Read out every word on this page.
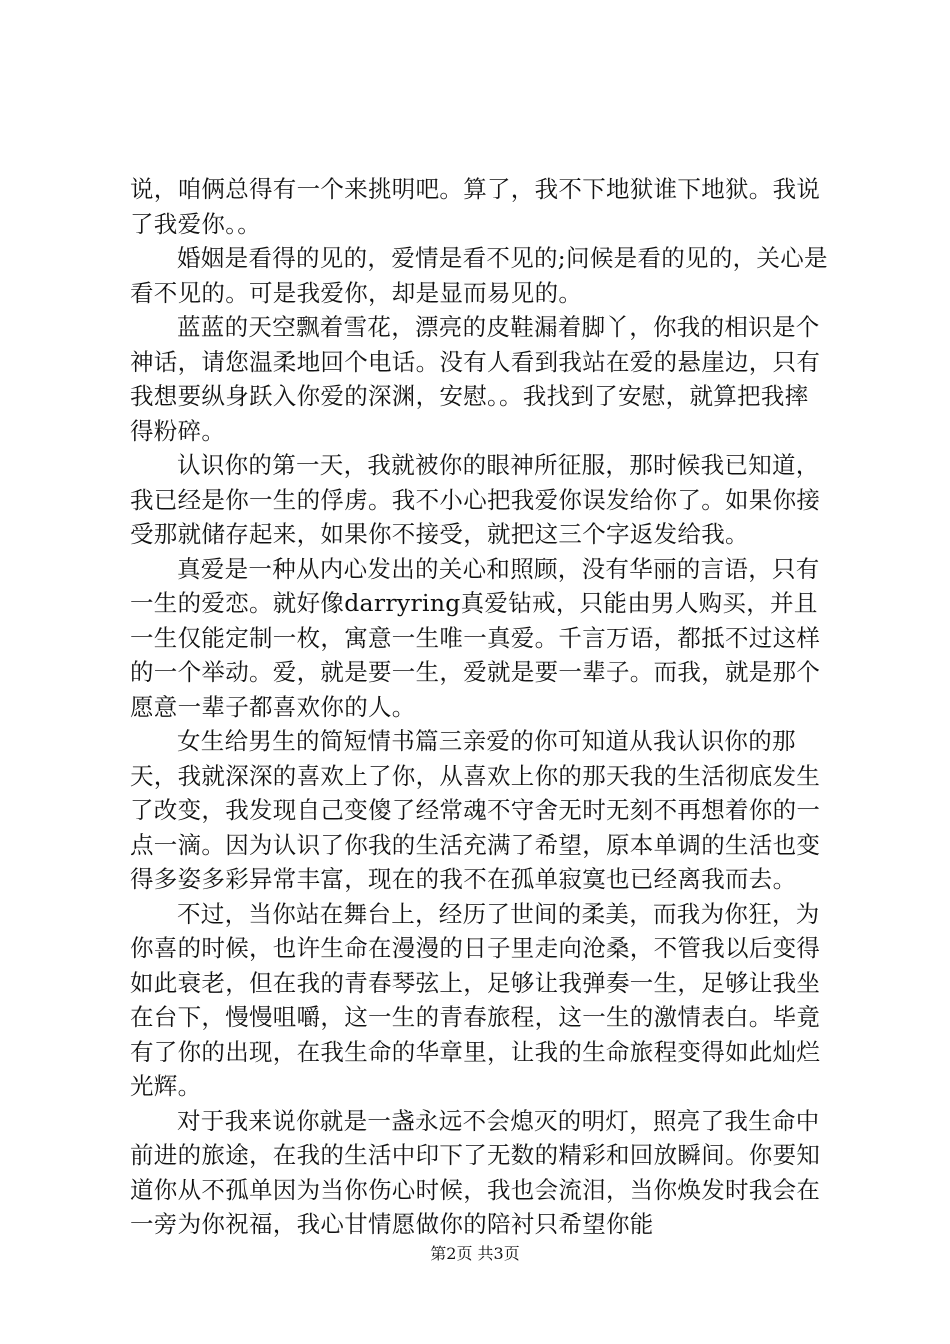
说，咱俩总得有一个来挑明吧。算了，我不下地狱谁下地狱。我说了我爱你。。

婚姻是看得的见的，爱情是看不见的;问候是看的见的，关心是看不见的。可是我爱你，却是显而易见的。

蓝蓝的天空飘着雪花，漂亮的皮鞋漏着脚丫，你我的相识是个神话，请您温柔地回个电话。没有人看到我站在爱的悬崖边，只有我想要纵身跃入你爱的深渊，安慰。。我找到了安慰，就算把我摔得粉碎。

认识你的第一天，我就被你的眼神所征服，那时候我已知道，我已经是你一生的俘虏。我不小心把我爱你误发给你了。如果你接受那就储存起来，如果你不接受，就把这三个字返发给我。

真爱是一种从内心发出的关心和照顾，没有华丽的言语，只有一生的爱恋。就好像darryring真爱钻戒，只能由男人购买，并且一生仅能定制一枚，寓意一生唯一真爱。千言万语，都抵不过这样的一个举动。爱，就是要一生，爱就是要一辈子。而我，就是那个愿意一辈子都喜欢你的人。

女生给男生的简短情书篇三亲爱的你可知道从我认识你的那天，我就深深的喜欢上了你，从喜欢上你的那天我的生活彻底发生了改变，我发现自己变傻了经常魂不守舍无时无刻不再想着你的一点一滴。因为认识了你我的生活充满了希望，原本单调的生活也变得多姿多彩异常丰富，现在的我不在孤单寂寞也已经离我而去。

不过，当你站在舞台上，经历了世间的柔美，而我为你狂，为你喜的时候，也许生命在漫漫的日子里走向沧桑，不管我以后变得如此衰老，但在我的青春琴弦上，足够让我弹奏一生，足够让我坐在台下，慢慢咀嚼，这一生的青春旅程，这一生的激情表白。毕竟有了你的出现，在我生命的华章里，让我的生命旅程变得如此灿烂光辉。

对于我来说你就是一盏永远不会熄灭的明灯，照亮了我生命中前进的旅途，在我的生活中印下了无数的精彩和回放瞬间。你要知道你从不孤单因为当你伤心时候，我也会流泪，当你焕发时我会在一旁为你祝福，我心甘情愿做你的陪衬只希望你能

第2页 共3页
